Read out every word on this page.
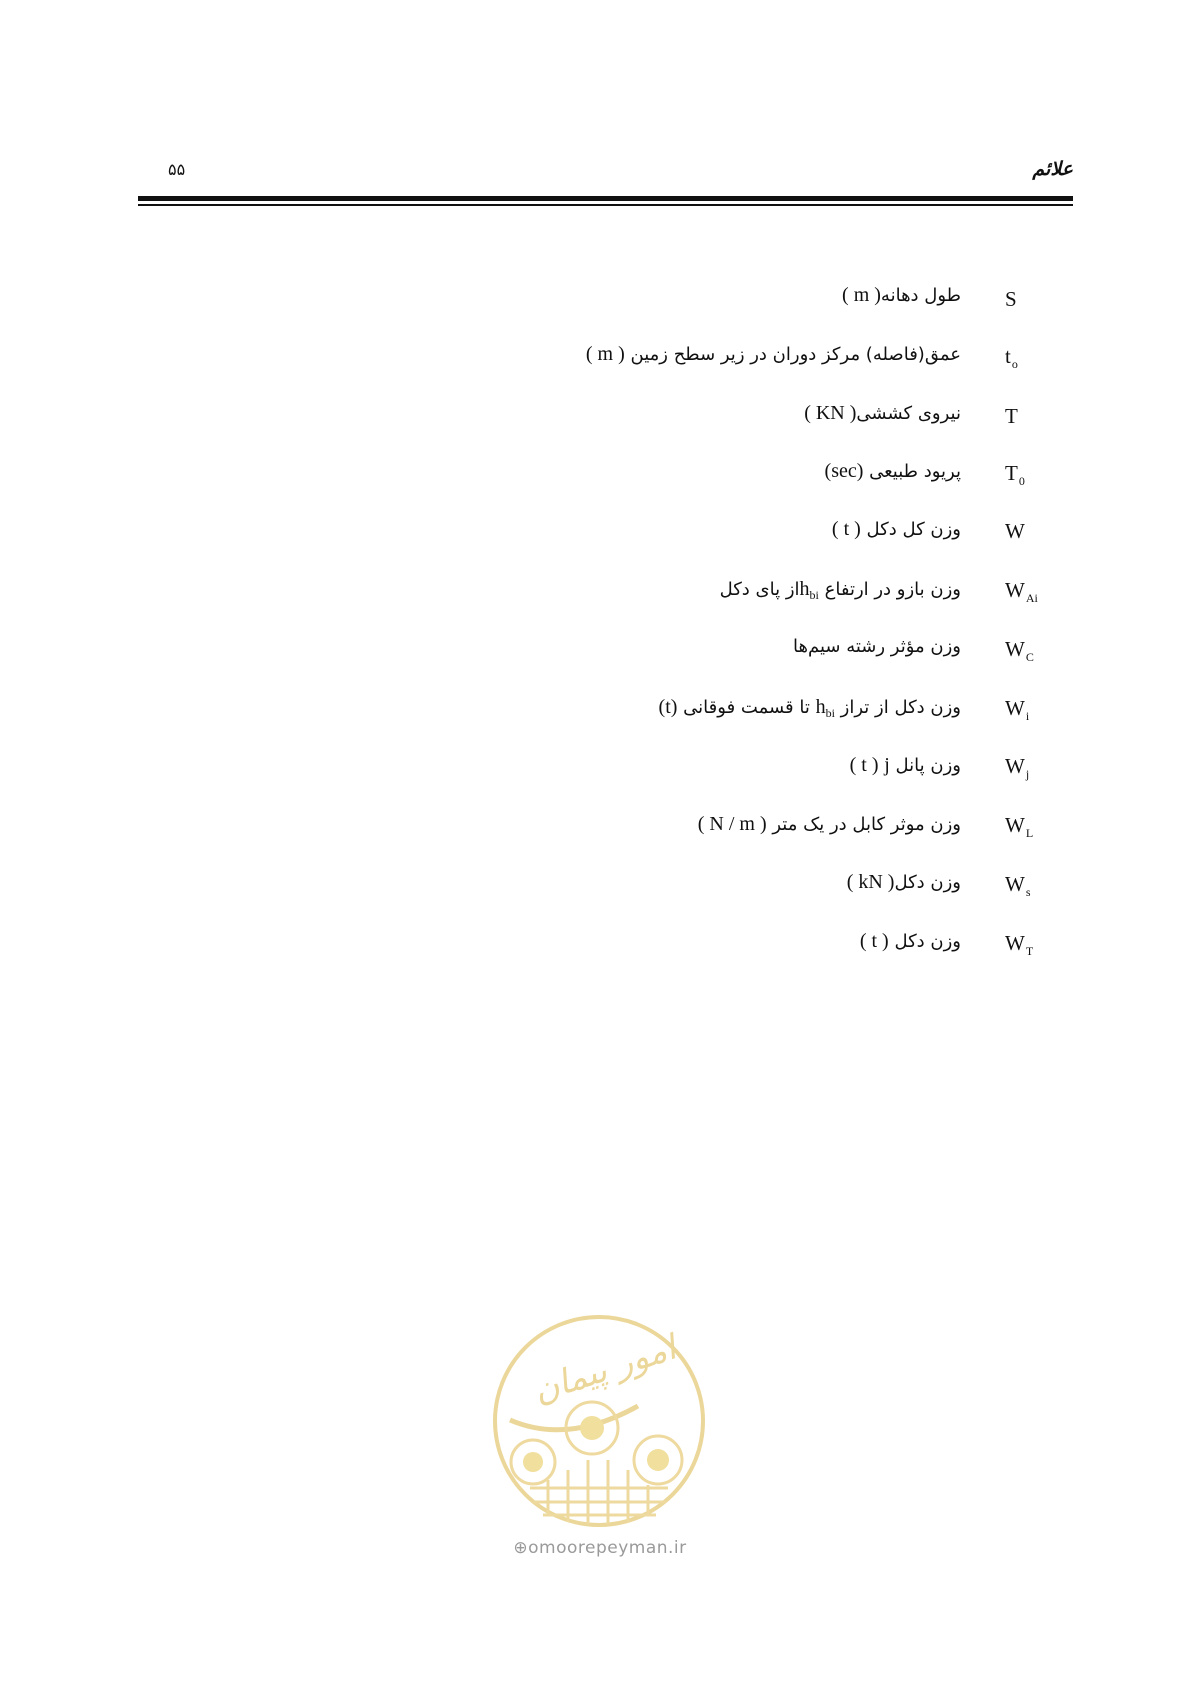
علائم
۵۵
S
طول دهانه( m )
$t_o$
عمق(فاصله) مرکز دوران در زیر سطح زمین ( m )
T
نیروی کششی( KN )
$T_0$
پریود طبیعی (sec)
W
وزن کل دکل ( t )
$W_{Ai}$
وزن بازو در ارتفاع $h_{bi}از$ پای دکل
$W_C$
وزن مؤثر رشته سیم‌ها
$W_i$
وزن دکل از تراز $h_{bi}$ تا قسمت فوقانی (t)
$W_j$
وزن پانل j ( t )
$W_L$
وزن موثر کابل در یک متر ( N / m )
$W_s$
وزن دکل( kN )
$W_T$
وزن دکل ( t )
امور پیمان
⊕omoorepeyman.ir
